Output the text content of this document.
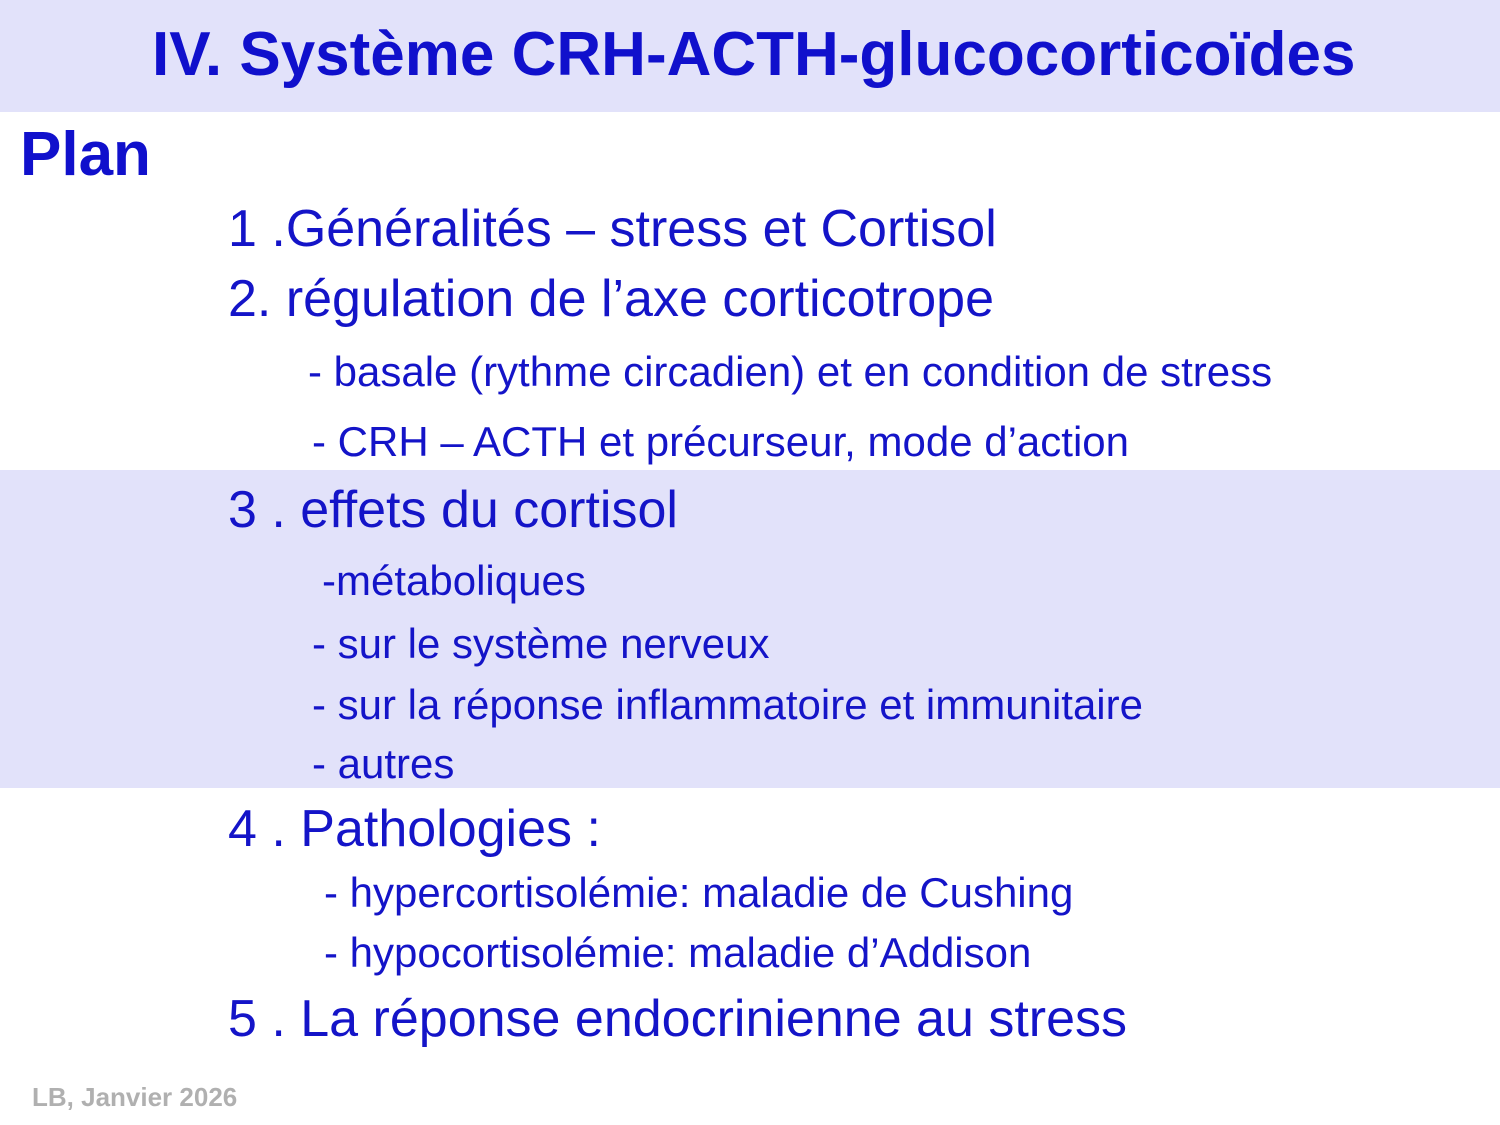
IV. Système CRH-ACTH-glucocorticoïdes
Plan
1 .Généralités – stress et Cortisol
2. régulation de l’axe corticotrope
- basale (rythme circadien) et en condition de stress
- CRH – ACTH et précurseur, mode d’action
3 . effets du cortisol
-métaboliques
- sur le système nerveux
- sur la réponse inflammatoire et immunitaire
- autres
4 . Pathologies :
- hypercortisolémie: maladie de Cushing
- hypocortisolémie: maladie d’Addison
5 . La réponse endocrinienne au stress
LB, Janvier 2026
